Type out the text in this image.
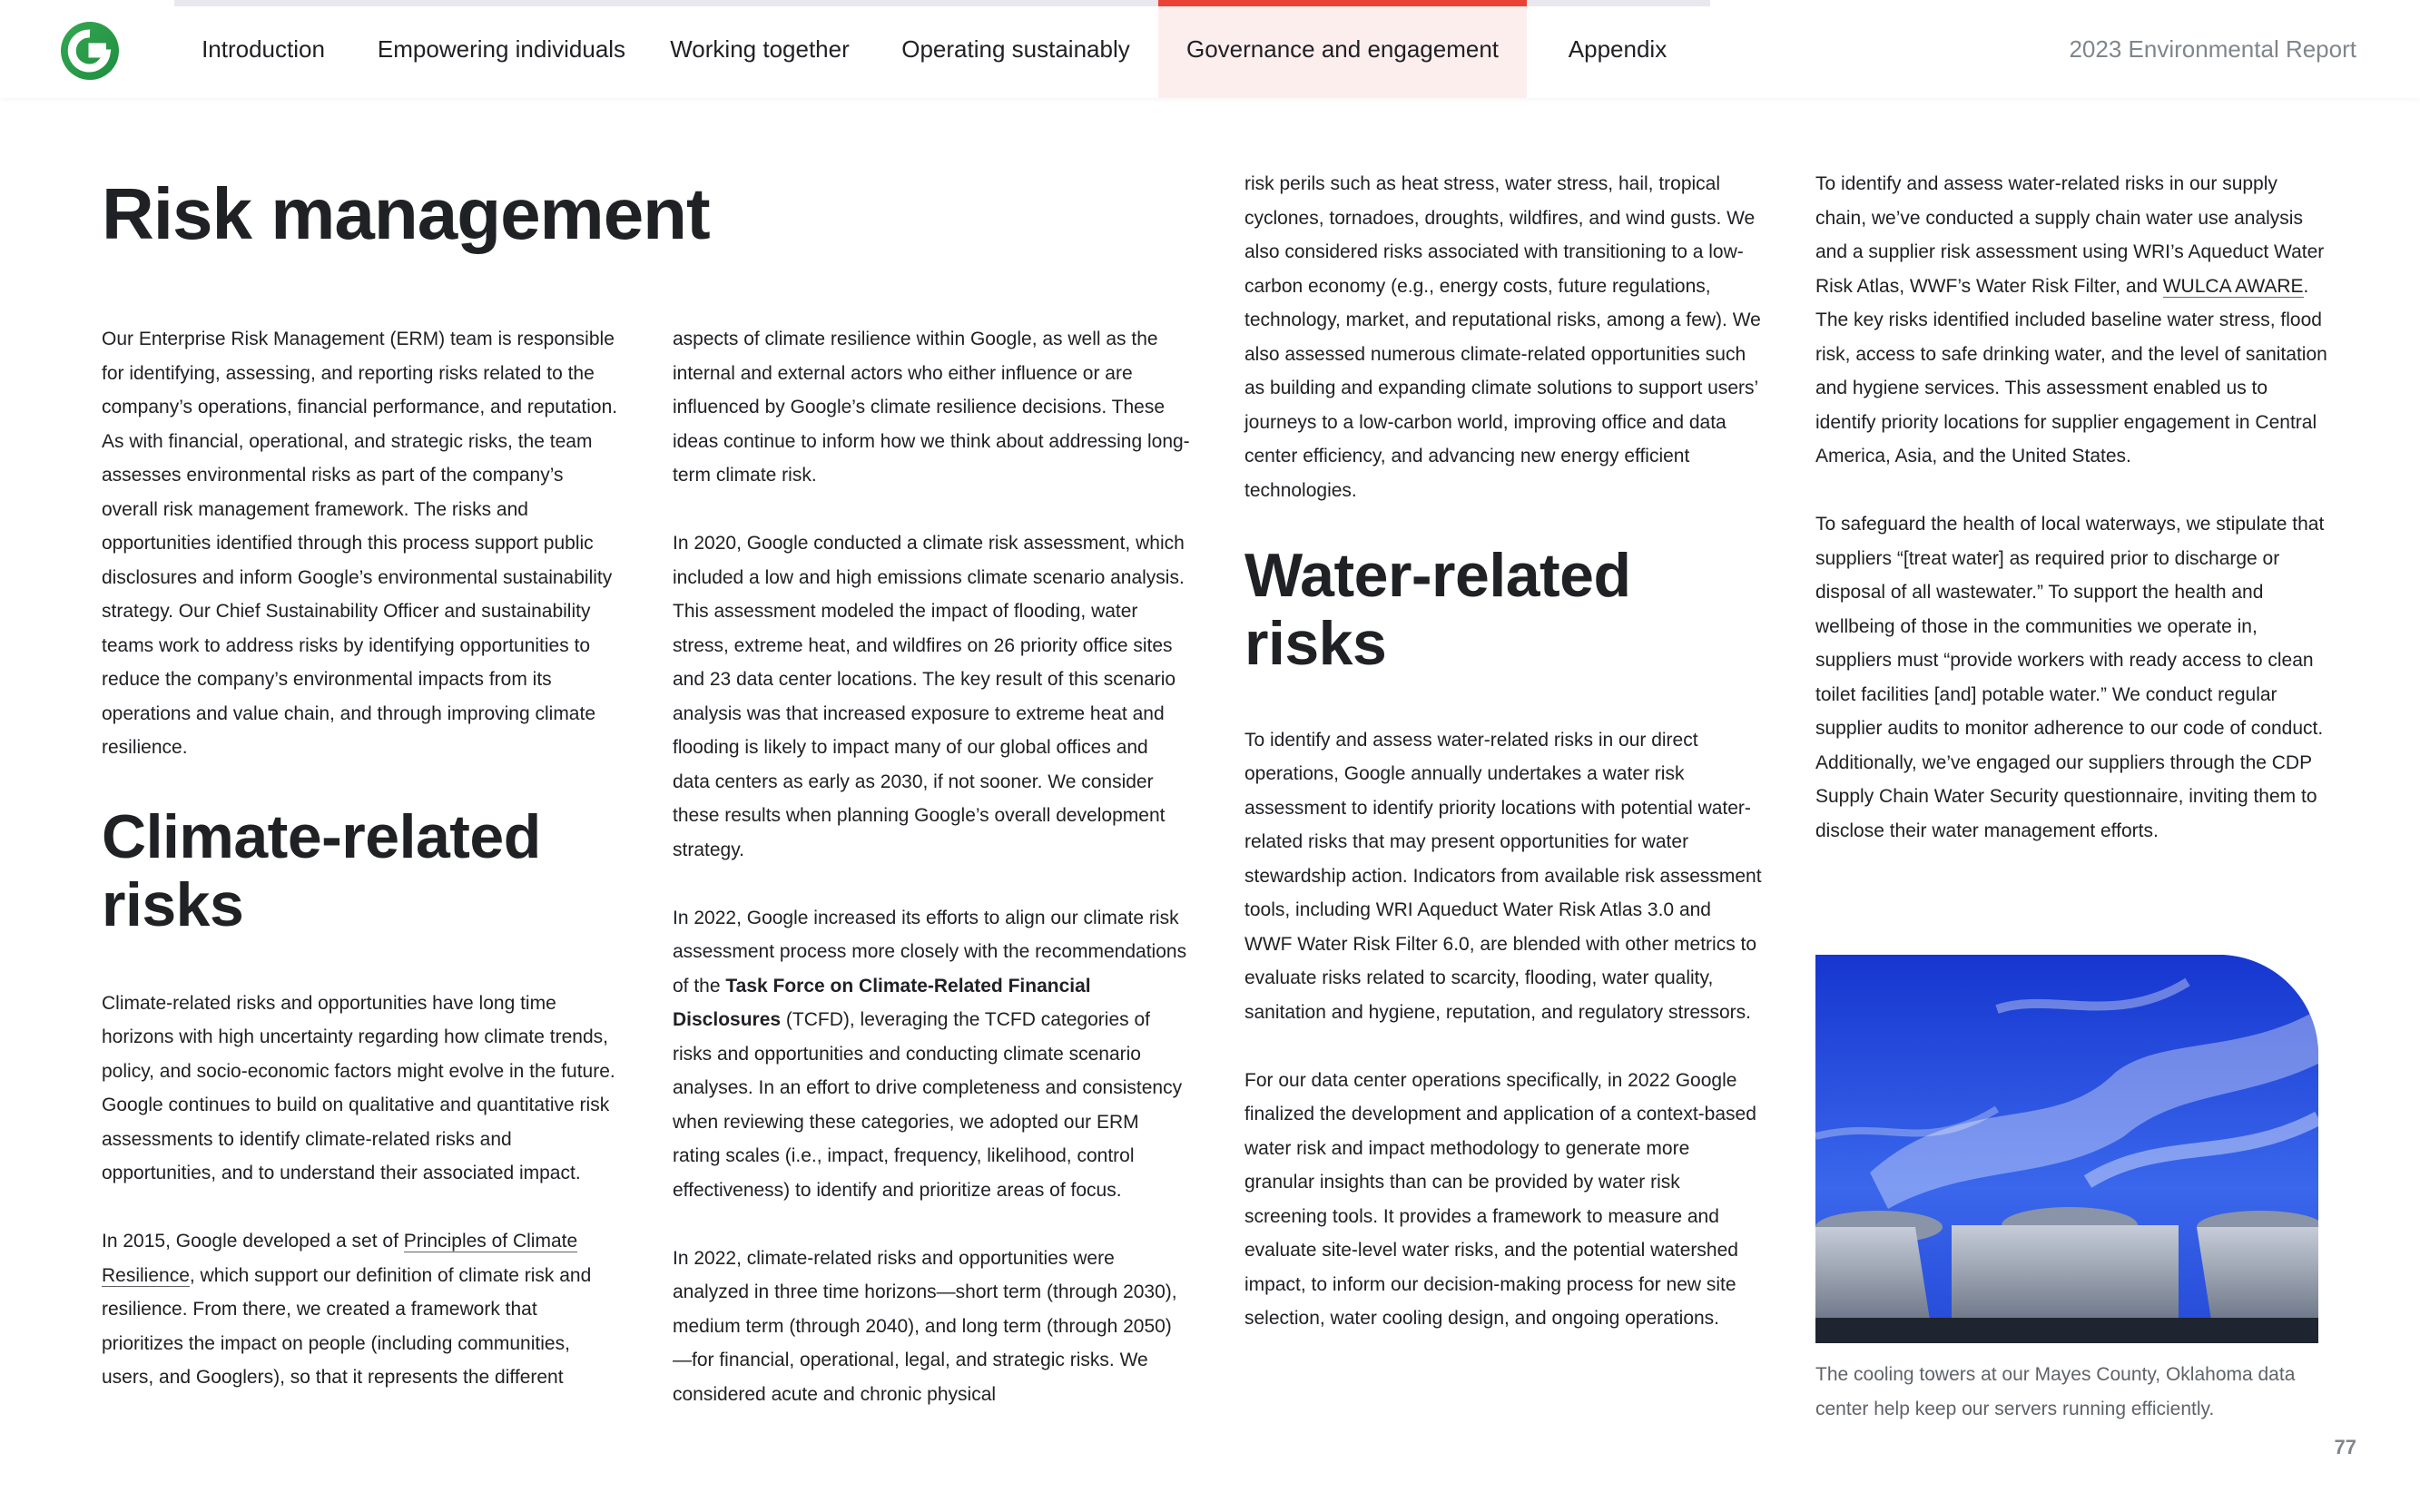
Introduction	Empowering individuals	Working together	Operating sustainably	Governance and engagement	Appendix	2023 Environmental Report
Risk management

Our Enterprise Risk Management (ERM) team is responsible for identifying, assessing, and reporting risks related to the company’s operations, financial performance, and reputation. As with financial, operational, and strategic risks, the team assesses environmental risks as part of the company’s overall risk management framework. The risks and opportunities identified through this process support public disclosures and inform Google’s environmental sustainability strategy. Our Chief Sustainability Officer and sustainability teams work to address risks by identifying opportunities to reduce the company’s environmental impacts from its operations and value chain, and through improving climate resilience.

Climate-related
risks

Climate-related risks and opportunities have long time horizons with high uncertainty regarding how climate trends, policy, and socio-economic factors might evolve in the future. Google continues to build on qualitative and quantitative risk assessments to identify climate-related risks and opportunities, and to understand their associated impact.

In 2015, Google developed a set of Principles of Climate Resilience, which support our definition of climate risk and resilience. From there, we created a framework that prioritizes the impact on people (including communities, users, and Googlers), so that it represents the different

aspects of climate resilience within Google, as well as the internal and external actors who either influence or are influenced by Google’s climate resilience decisions. These ideas continue to inform how we think about addressing long-term climate risk.

In 2020, Google conducted a climate risk assessment, which included a low and high emissions climate scenario analysis. This assessment modeled the impact of flooding, water stress, extreme heat, and wildfires on 26 priority office sites and 23 data center locations. The key result of this scenario analysis was that increased exposure to extreme heat and flooding is likely to impact many of our global offices and data centers as early as 2030, if not sooner. We consider these results when planning Google’s overall development strategy.

In 2022, Google increased its efforts to align our climate risk assessment process more closely with the recommendations of the Task Force on Climate-Related Financial Disclosures (TCFD), leveraging the TCFD categories of risks and opportunities and conducting climate scenario analyses. In an effort to drive completeness and consistency when reviewing these categories, we adopted our ERM rating scales (i.e., impact, frequency, likelihood, control effectiveness) to identify and prioritize areas of focus.

In 2022, climate-related risks and opportunities were analyzed in three time horizons—short term (through 2030), medium term (through 2040), and long term (through 2050)—for financial, operational, legal, and strategic risks. We considered acute and chronic physical

risk perils such as heat stress, water stress, hail, tropical cyclones, tornadoes, droughts, wildfires, and wind gusts. We also considered risks associated with transitioning to a low-carbon economy (e.g., energy costs, future regulations, technology, market, and reputational risks, among a few). We also assessed numerous climate-related opportunities such as building and expanding climate solutions to support users’ journeys to a low-carbon world, improving office and data center efficiency, and advancing new energy efficient technologies.

Water-related
risks

To identify and assess water-related risks in our direct operations, Google annually undertakes a water risk assessment to identify priority locations with potential water-related risks that may present opportunities for water stewardship action. Indicators from available risk assessment tools, including WRI Aqueduct Water Risk Atlas 3.0 and WWF Water Risk Filter 6.0, are blended with other metrics to evaluate risks related to scarcity, flooding, water quality, sanitation and hygiene, reputation, and regulatory stressors.

For our data center operations specifically, in 2022 Google finalized the development and application of a context-based water risk and impact methodology to generate more granular insights than can be provided by water risk screening tools. It provides a framework to measure and evaluate site-level water risks, and the potential watershed impact, to inform our decision-making process for new site selection, water cooling design, and ongoing operations.

To identify and assess water-related risks in our supply chain, we’ve conducted a supply chain water use analysis and a supplier risk assessment using WRI’s Aqueduct Water Risk Atlas, WWF’s Water Risk Filter, and WULCA AWARE. The key risks identified included baseline water stress, flood risk, access to safe drinking water, and the level of sanitation and hygiene services. This assessment enabled us to identify priority locations for supplier engagement in Central America, Asia, and the United States.

To safeguard the health of local waterways, we stipulate that suppliers “[treat water] as required prior to discharge or disposal of all wastewater.” To support the health and wellbeing of those in the communities we operate in, suppliers must “provide workers with ready access to clean toilet facilities [and] potable water.” We conduct regular supplier audits to monitor adherence to our code of conduct. Additionally, we’ve engaged our suppliers through the CDP Supply Chain Water Security questionnaire, inviting them to disclose their water management efforts.

The cooling towers at our Mayes County, Oklahoma data center help keep our servers running efficiently.
77
